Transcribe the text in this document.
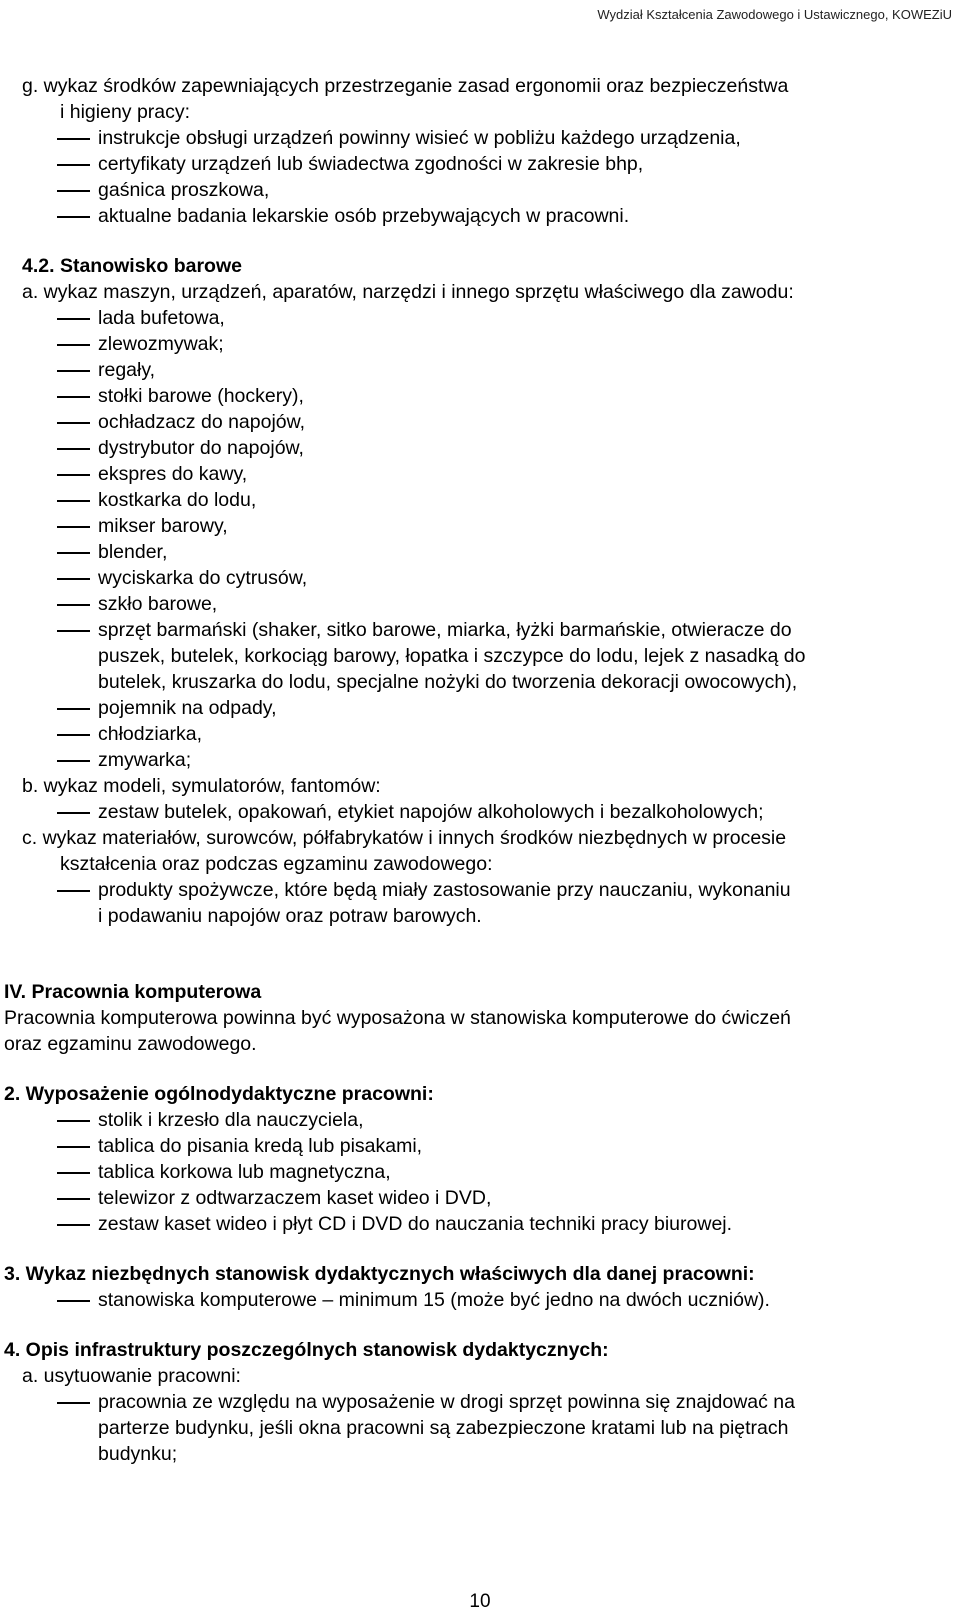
Wydział Kształcenia Zawodowego i Ustawicznego, KOWEZiU
g. wykaz środków zapewniających przestrzeganie zasad ergonomii oraz bezpieczeństwa
i higieny pracy:
instrukcje obsługi urządzeń powinny wisieć w pobliżu każdego urządzenia,
certyfikaty urządzeń lub świadectwa zgodności w zakresie bhp,
gaśnica proszkowa,
aktualne badania lekarskie osób przebywających w pracowni.
4.2. Stanowisko barowe
a. wykaz maszyn, urządzeń, aparatów, narzędzi i innego sprzętu właściwego dla zawodu:
lada bufetowa,
zlewozmywak;
regały,
stołki barowe (hockery),
ochładzacz do napojów,
dystrybutor do napojów,
ekspres do kawy,
kostkarka do lodu,
mikser barowy,
blender,
wyciskarka do cytrusów,
szkło barowe,
sprzęt barmański (shaker, sitko barowe, miarka, łyżki barmańskie, otwieracze do
puszek, butelek, korkociąg barowy, łopatka i szczypce do lodu, lejek z nasadką do
butelek, kruszarka do lodu, specjalne nożyki do tworzenia dekoracji owocowych),
pojemnik na odpady,
chłodziarka,
zmywarka;
b. wykaz modeli, symulatorów, fantomów:
zestaw butelek, opakowań, etykiet napojów alkoholowych i bezalkoholowych;
c. wykaz materiałów, surowców, półfabrykatów i innych środków niezbędnych w procesie
kształcenia oraz podczas egzaminu zawodowego:
produkty spożywcze, które będą miały zastosowanie przy nauczaniu, wykonaniu
i podawaniu napojów oraz potraw barowych.
IV. Pracownia komputerowa
Pracownia komputerowa powinna być wyposażona w stanowiska komputerowe do ćwiczeń
oraz egzaminu zawodowego.
2. Wyposażenie ogólnodydaktyczne pracowni:
stolik i krzesło dla nauczyciela,
tablica do pisania kredą lub pisakami,
tablica korkowa lub magnetyczna,
telewizor z odtwarzaczem kaset wideo i DVD,
zestaw kaset wideo i płyt CD i DVD do nauczania techniki pracy biurowej.
3. Wykaz niezbędnych stanowisk dydaktycznych właściwych dla danej pracowni:
stanowiska komputerowe – minimum 15 (może być jedno na dwóch uczniów).
4. Opis infrastruktury poszczególnych stanowisk dydaktycznych:
a. usytuowanie pracowni:
pracownia ze względu na wyposażenie w drogi sprzęt powinna się znajdować na
parterze budynku, jeśli okna pracowni są zabezpieczone kratami lub na piętrach
budynku;
10
